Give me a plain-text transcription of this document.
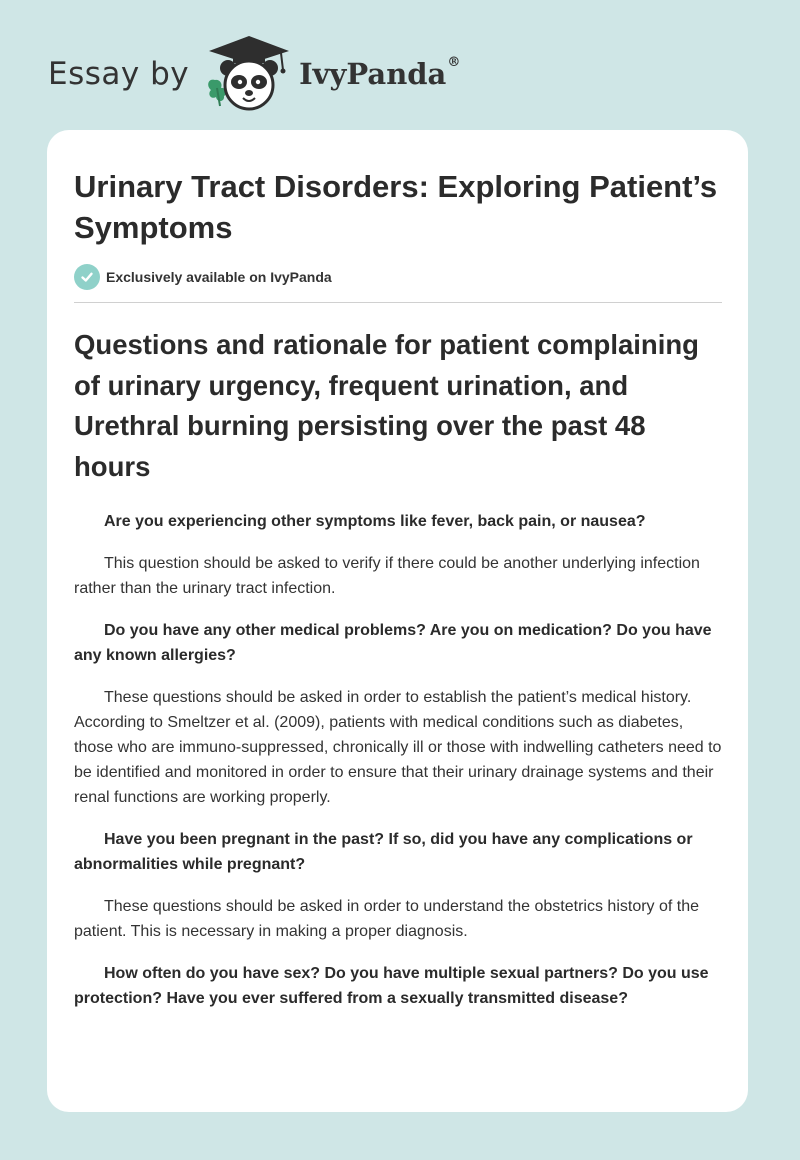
Essay by	IvyPanda®
Urinary Tract Disorders: Exploring Patient’s Symptoms
Exclusively available on IvyPanda
Questions and rationale for patient complaining of urinary urgency, frequent urination, and Urethral burning persisting over the past 48 hours

Are you experiencing other symptoms like fever, back pain, or nausea?

This question should be asked to verify if there could be another underlying infection rather than the urinary tract infection.

Do you have any other medical problems? Are you on medication? Do you have any known allergies?

These questions should be asked in order to establish the patient’s medical history. According to Smeltzer et al. (2009), patients with medical conditions such as diabetes, those who are immuno-suppressed, chronically ill or those with indwelling catheters need to be identified and monitored in order to ensure that their urinary drainage systems and their renal functions are working properly.

Have you been pregnant in the past? If so, did you have any complications or abnormalities while pregnant?

These questions should be asked in order to understand the obstetrics history of the patient. This is necessary in making a proper diagnosis.

How often do you have sex? Do you have multiple sexual partners? Do you use protection? Have you ever suffered from a sexually transmitted disease?
